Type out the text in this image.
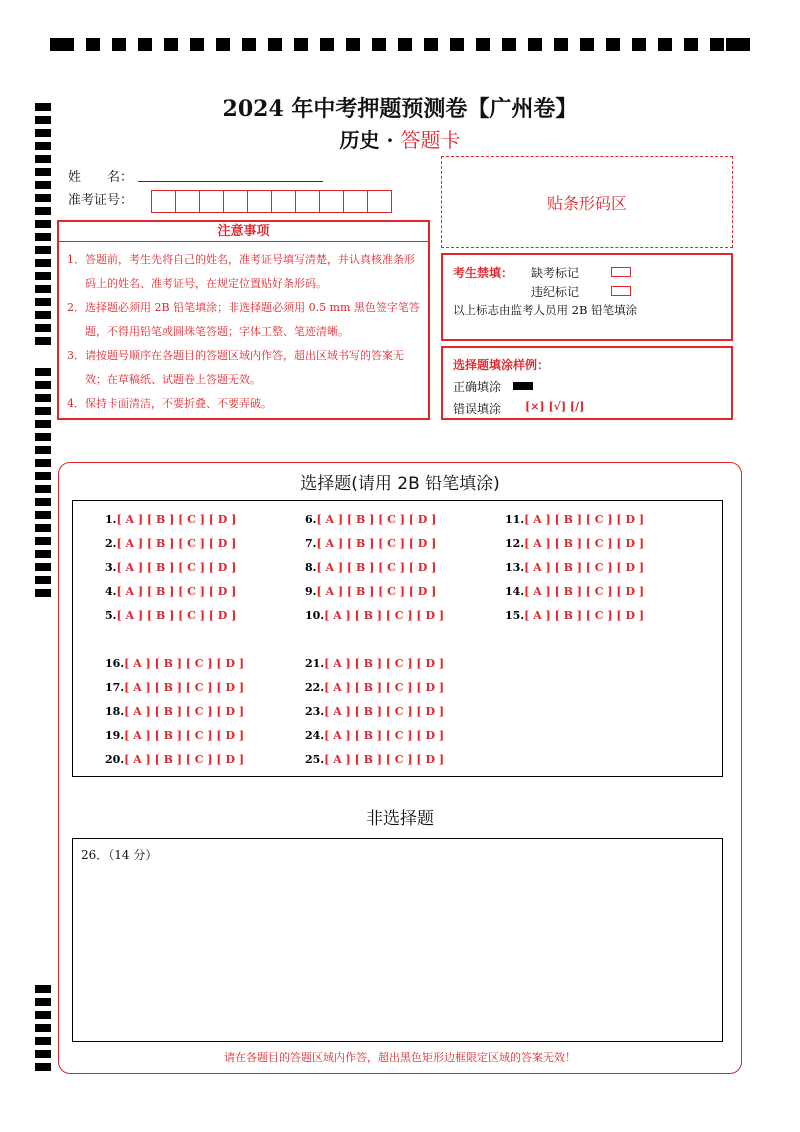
2024 年中考押题预测卷【广州卷】
历史 · 答题卡
姓　　名：
准考证号：	贴条形码区
注意事项
1．答题前，考生先将自己的姓名，准考证号填写清楚，并认真核准条形码上的姓名、准考证号，在规定位置贴好条形码。
2．选择题必须用 2B 铅笔填涂；非选择题必须用 0.5 mm 黑色签字笔答题，不得用铅笔或圆珠笔答题；字体工整、笔迹清晰。
3．请按题号顺序在各题目的答题区域内作答，超出区域书写的答案无效；在草稿纸、试题卷上答题无效。
4．保持卡面清洁，不要折叠、不要弄破。
考生禁填： 缺考标记
违纪标记
以上标志由监考人员用 2B 铅笔填涂
选择题填涂样例：
正确填涂
错误填涂 [×] [√] [/]
选择题(请用 2B 铅笔填涂)
1.[ A ] [ B ] [ C ] [ D ]
2.[ A ] [ B ] [ C ] [ D ]
3.[ A ] [ B ] [ C ] [ D ]
4.[ A ] [ B ] [ C ] [ D ]
5.[ A ] [ B ] [ C ] [ D ]
6.[ A ] [ B ] [ C ] [ D ]
7.[ A ] [ B ] [ C ] [ D ]
8.[ A ] [ B ] [ C ] [ D ]
9.[ A ] [ B ] [ C ] [ D ]
10.[ A ] [ B ] [ C ] [ D ]
11.[ A ] [ B ] [ C ] [ D ]
12.[ A ] [ B ] [ C ] [ D ]
13.[ A ] [ B ] [ C ] [ D ]
14.[ A ] [ B ] [ C ] [ D ]
15.[ A ] [ B ] [ C ] [ D ]
16.[ A ] [ B ] [ C ] [ D ]
17.[ A ] [ B ] [ C ] [ D ]
18.[ A ] [ B ] [ C ] [ D ]
19.[ A ] [ B ] [ C ] [ D ]
20.[ A ] [ B ] [ C ] [ D ]
21.[ A ] [ B ] [ C ] [ D ]
22.[ A ] [ B ] [ C ] [ D ]
23.[ A ] [ B ] [ C ] [ D ]
24.[ A ] [ B ] [ C ] [ D ]
25.[ A ] [ B ] [ C ] [ D ]
非选择题
26．（14 分）
请在各题目的答题区域内作答，超出黑色矩形边框限定区域的答案无效！
